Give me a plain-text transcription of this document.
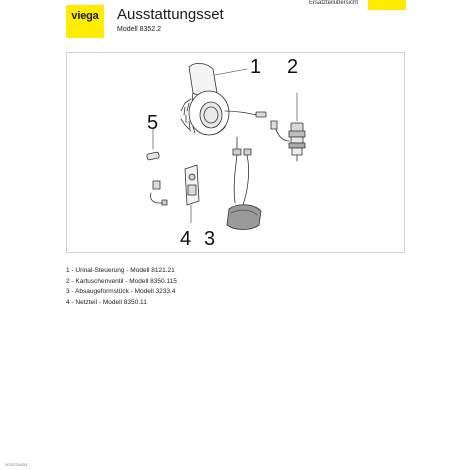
viega Ausstattungsset
Modell 8352.2
Ersatzteilübersicht
1 2
5
4 3
1 - Urinal-Steuerung - Modell 8121.21
2 - Kartuschenventil - Modell 8350.115
3 - Absaugeformstück - Modell 3233.4
4 - Netzteil - Modell 8350.11
1033724433
